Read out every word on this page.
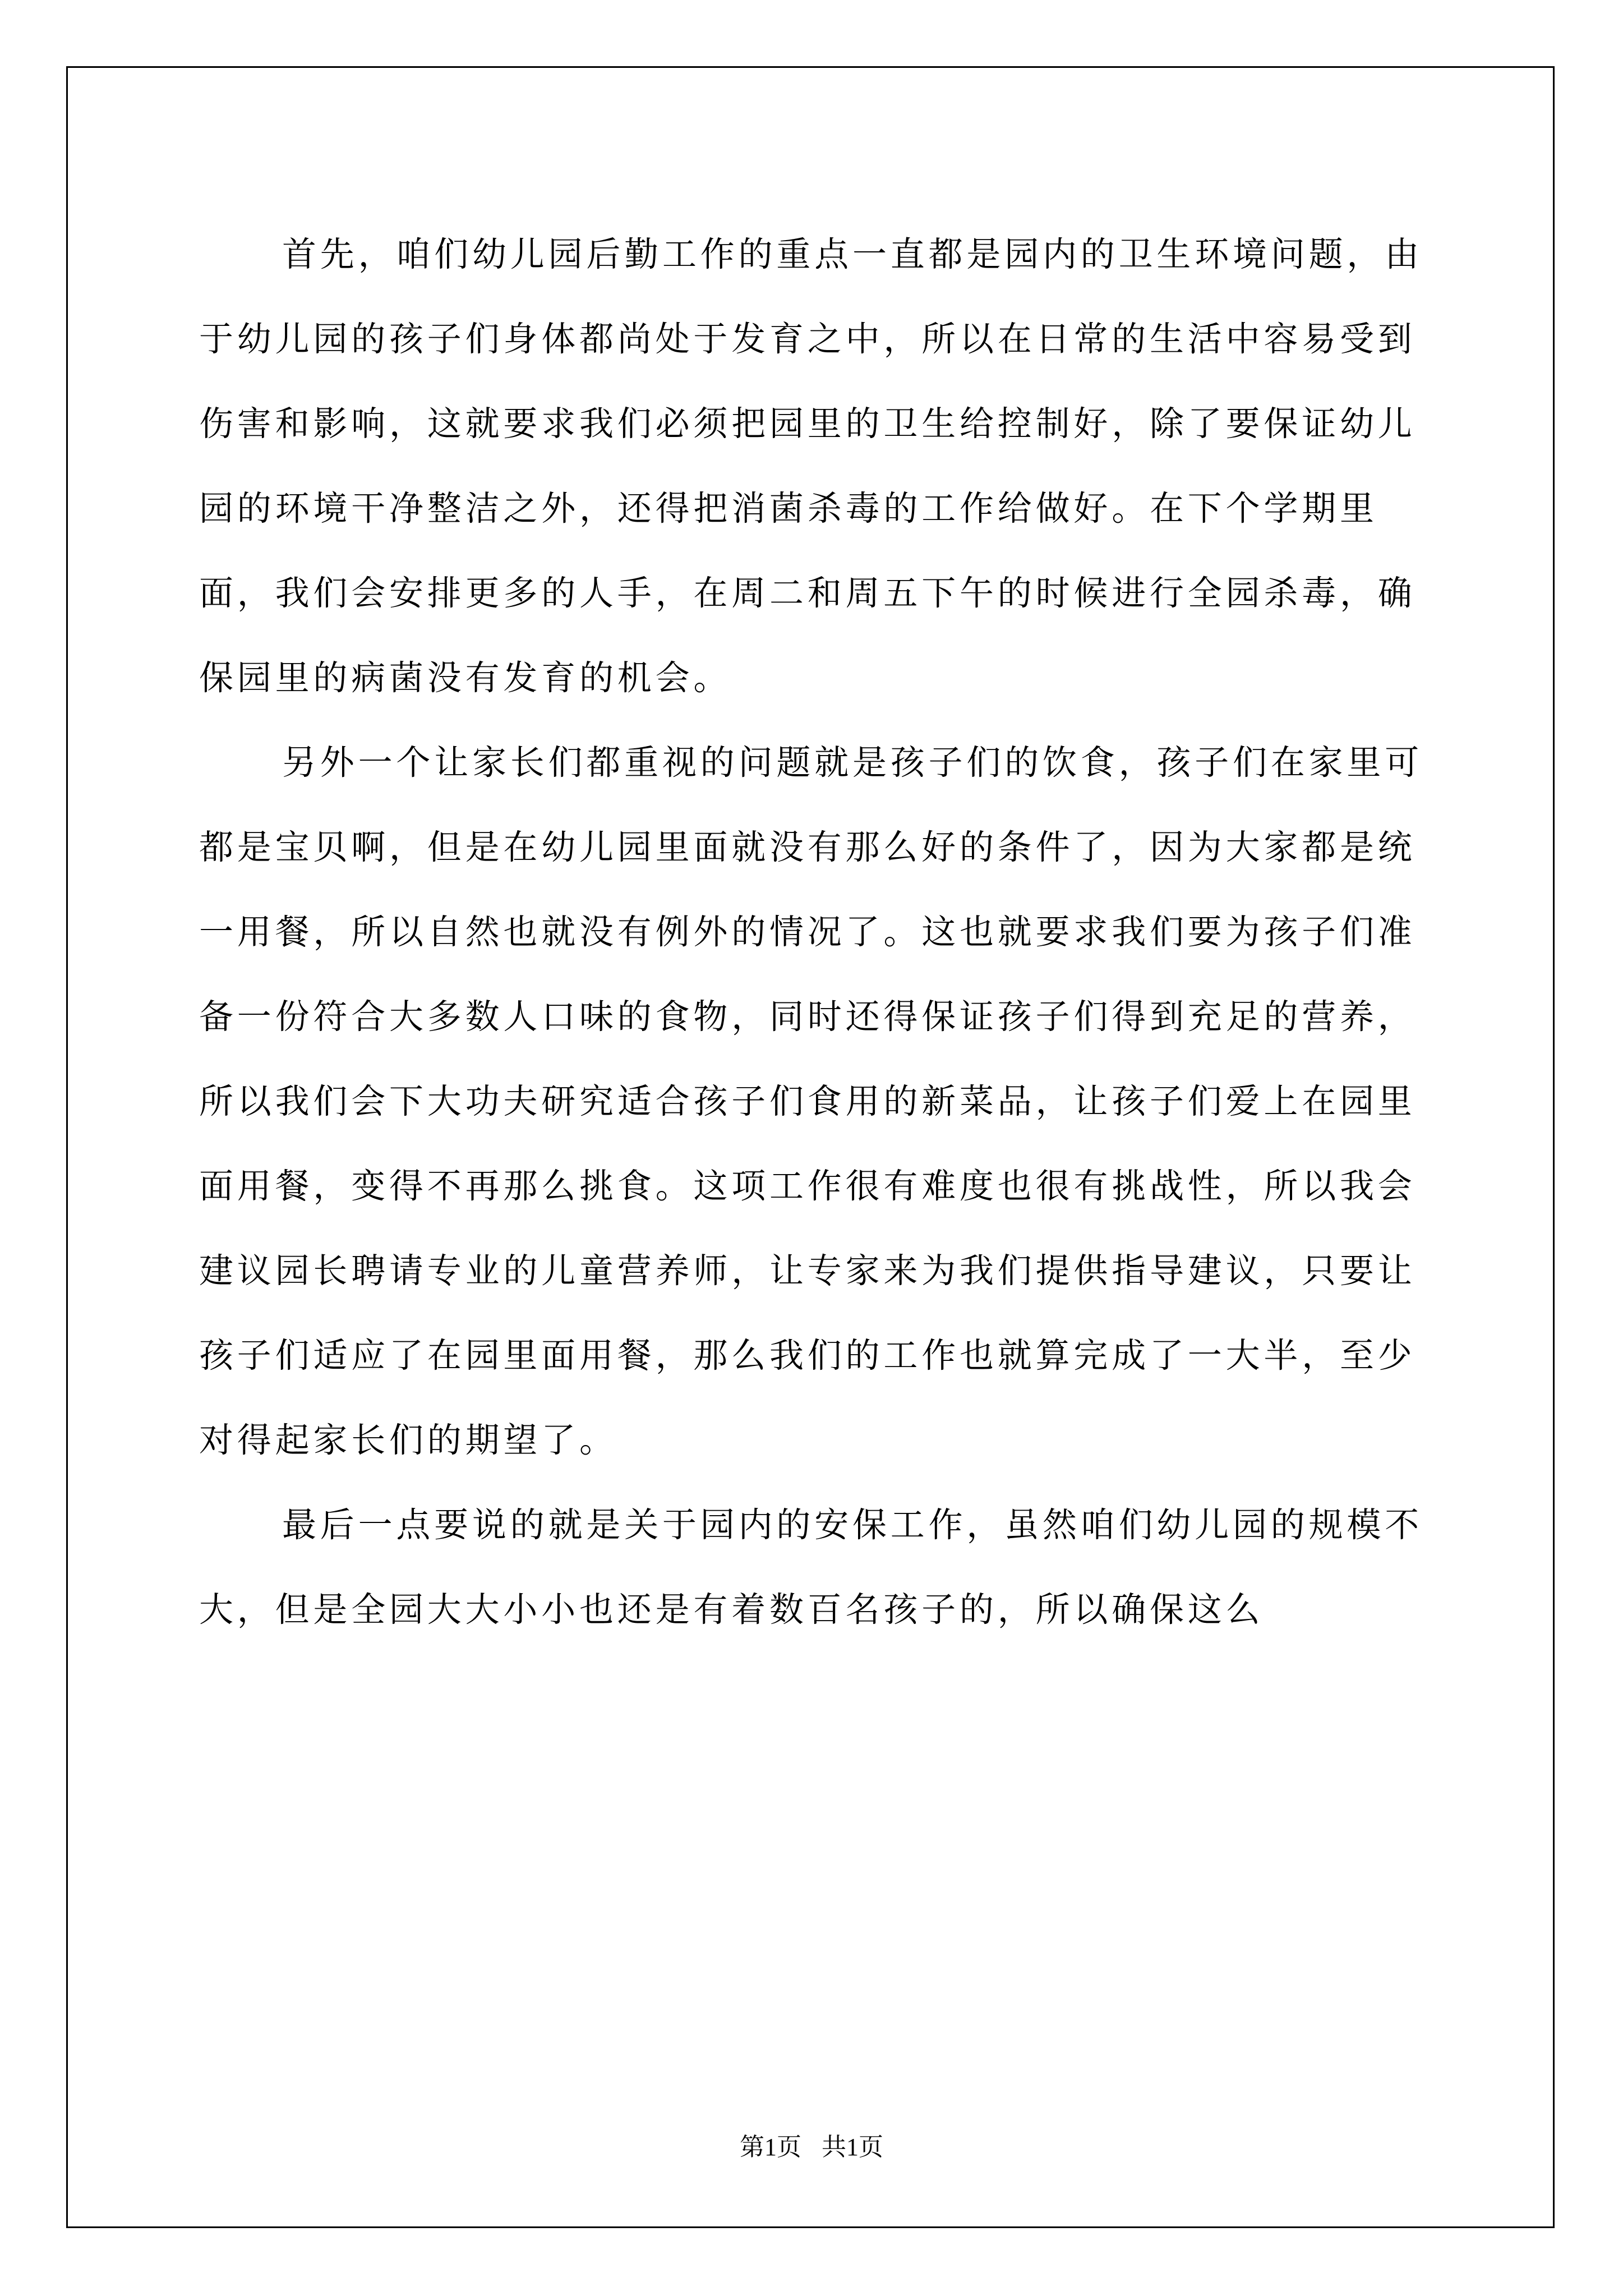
首先，咱们幼儿园后勤工作的重点一直都是园内的卫生环境问题，由于幼儿园的孩子们身体都尚处于发育之中，所以在日常的生活中容易受到伤害和影响，这就要求我们必须把园里的卫生给控制好，除了要保证幼儿园的环境干净整洁之外，还得把消菌杀毒的工作给做好。在下个学期里面，我们会安排更多的人手，在周二和周五下午的时候进行全园杀毒，确保园里的病菌没有发育的机会。

另外一个让家长们都重视的问题就是孩子们的饮食，孩子们在家里可都是宝贝啊，但是在幼儿园里面就没有那么好的条件了，因为大家都是统一用餐，所以自然也就没有例外的情况了。这也就要求我们要为孩子们准备一份符合大多数人口味的食物，同时还得保证孩子们得到充足的营养，所以我们会下大功夫研究适合孩子们食用的新菜品，让孩子们爱上在园里面用餐，变得不再那么挑食。这项工作很有难度也很有挑战性，所以我会建议园长聘请专业的儿童营养师，让专家来为我们提供指导建议，只要让孩子们适应了在园里面用餐，那么我们的工作也就算完成了一大半，至少对得起家长们的期望了。

最后一点要说的就是关于园内的安保工作，虽然咱们幼儿园的规模不大，但是全园大大小小也还是有着数百名孩子的，所以确保这么

第1页 共1页
